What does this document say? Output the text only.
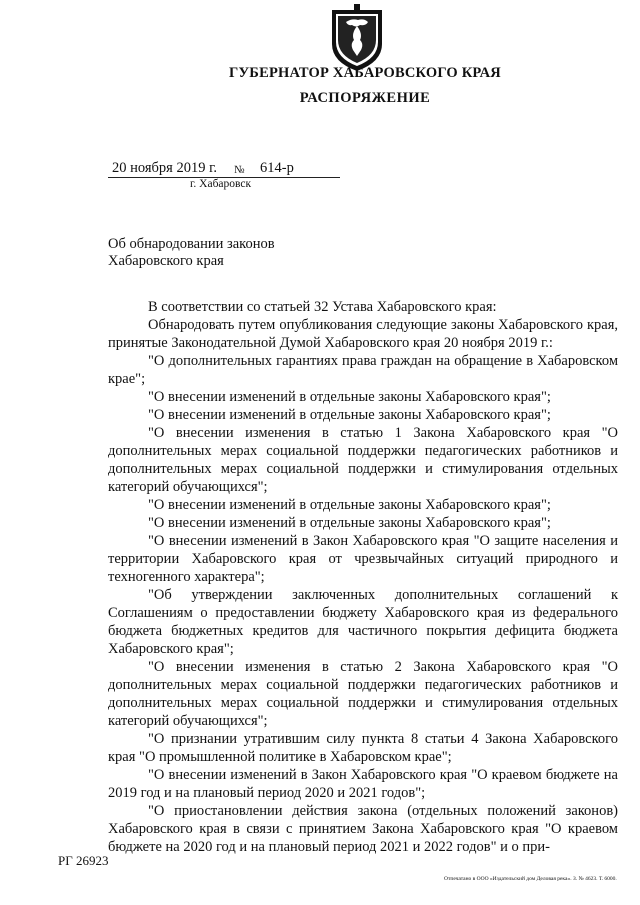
ГУБЕРНАТОР ХАБАРОВСКОГО КРАЯ
РАСПОРЯЖЕНИЕ
20 ноября 2019 г. № 614-р
г. Хабаровск
Об обнародовании законов
Хабаровского края

В соответствии со статьей 32 Устава Хабаровского края:

Обнародовать путем опубликования следующие законы Хабаровского края, принятые Законодательной Думой Хабаровского края 20 ноября 2019 г.:

"О дополнительных гарантиях права граждан на обращение в Хабаровском крае";

"О внесении изменений в отдельные законы Хабаровского края";

"О внесении изменений в отдельные законы Хабаровского края";

"О внесении изменения в статью 1 Закона Хабаровского края "О дополнительных мерах социальной поддержки педагогических работников и дополнительных мерах социальной поддержки и стимулирования отдельных категорий обучающихся";

"О внесении изменений в отдельные законы Хабаровского края";

"О внесении изменений в отдельные законы Хабаровского края";

"О внесении изменений в Закон Хабаровского края "О защите населения и территории Хабаровского края от чрезвычайных ситуаций природного и техногенного характера";

"Об утверждении заключенных дополнительных соглашений к Соглашениям о предоставлении бюджету Хабаровского края из федерального бюджета бюджетных кредитов для частичного покрытия дефицита бюджета Хабаровского края";

"О внесении изменения в статью 2 Закона Хабаровского края "О дополнительных мерах социальной поддержки педагогических работников и дополнительных мерах социальной поддержки и стимулирования отдельных категорий обучающихся";

"О признании утратившим силу пункта 8 статьи 4 Закона Хабаровского края "О промышленной политике в Хабаровском крае";

"О внесении изменений в Закон Хабаровского края "О краевом бюджете на 2019 год и на плановый период 2020 и 2021 годов";

"О приостановлении действия закона (отдельных положений законов) Хабаровского края в связи с принятием Закона Хабаровского края "О краевом бюджете на 2020 год и на плановый период 2021 и 2022 годов" и о при-

РГ 26923
Отпечатано в ООО «Издательский дом Деловая река». З. № 4623. Т. 6000.
